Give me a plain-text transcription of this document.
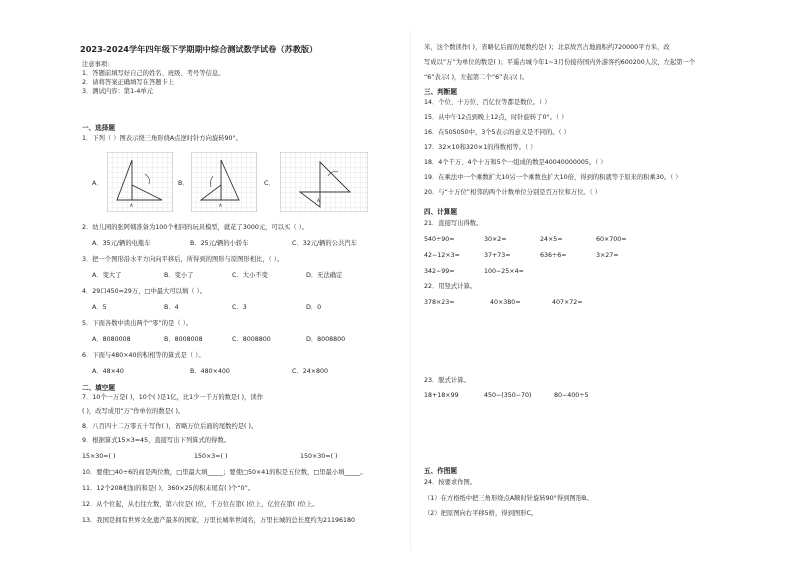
2023-2024学年四年级下学期期中综合测试数学试卷（苏教版）
注意事项：
1．答题前填写好自己的姓名、班级、考号等信息。
2．请将答案正确填写在答题卡上
3．测试内容：第1-4单元
一、选择题
1．下列（ ）图表示绕三角形绕A点逆时针方向旋转90°。
A．	B．	C．
A	A
A
2．幼儿园的张阿姨准备为100个相同的玩具模型，就花了3000元，可以买（ ）。
A．35元/辆的电瓶车	B．25元/辆的小轿车	C．32元/辆的公共汽车
3．把一个图形沿水平方向向平移后，所得到的图形与原图形相比，（ ）。
A．变大了	B．变小了	C．大小不变	D．无法确定
4．29口450≈29万，□中最大可以填（ ）。
A．5	B．4	C．3	D．0
5．下面各数中读出两个“零”的是（ ）。
A．8080008	B．8008008	C．8008800	D．8008800
6．下面与480×40的积相等的算式是（ ）。
A．48×40	B．480×400	C．24×800
二、填空题
7．10个一万是( )，10个( )是1亿，比1少一千万的数是( )，读作
( )，改写成用“万”作单位的数是( )。
8．八百四十二万零五十写作( )，省略万位后面的尾数约是( )。
9．根据算式15×3=45，直接写出下列算式的得数。
15×30=( )	150×3=( )	150×30=( )
10．要使□40÷6的商是两位数，□里最大填_____；要使□50×41的积是五位数，□里最小填_____。
11．12个208相加的和是( )，360×25的积末尾有( )个“0”。
12．从个位起，从右往左数，第六位是( )位，千万位在第( )位上，亿位在第( )位上。
13．我国是拥有世界文化遗产最多的国家，万里长城举世闻名，万里长城的总长度约为21196180
米，这个数读作( )，省略亿后面的尾数约是( )；北京故宫占地面积约720000平方米，改
写成以“万”为单位的数是( )；平遥古城今年1~3月份接待国内外游客约600200人次，左起第一个
“6”表示( )，左起第二个“6”表示( )。
三、判断题
14．个位、十万位、百亿位等都是数位。（ ）
15．从中午12点到晚上12点，时针旋转了0°。（ ）
16．在505050中，3个5表示的意义是不同的。（ ）
17．32×10和320×1的得数相等。（ ）
18．4个千万、4个十万和5个一组成的数是40040000005。（ ）
19．在乘法中一个乘数扩大10另一个乘数也扩大10倍，得到的积就等于原来的积乘30。（ ）
20．与“十万位”相邻的两个计数单位分别是百万位和万位。（ ）
四、计算题
21．直接写出得数。
540÷90=	30×2=	24×5=	60×700=
42−12×3=	37+73=	636÷6=	3×27=
342−99=	100−25×4=
22．用竖式计算。
378×23=	40×380=	407×72=
23．脱式计算。
18+18×99	450−(350−70)	80−400÷5
五、作图题
24．按要求作图。
（1）在方格纸中把三角形绕点A顺时针旋转90°得到图形B。
（2）把原图向右平移5格，得到图形C。
